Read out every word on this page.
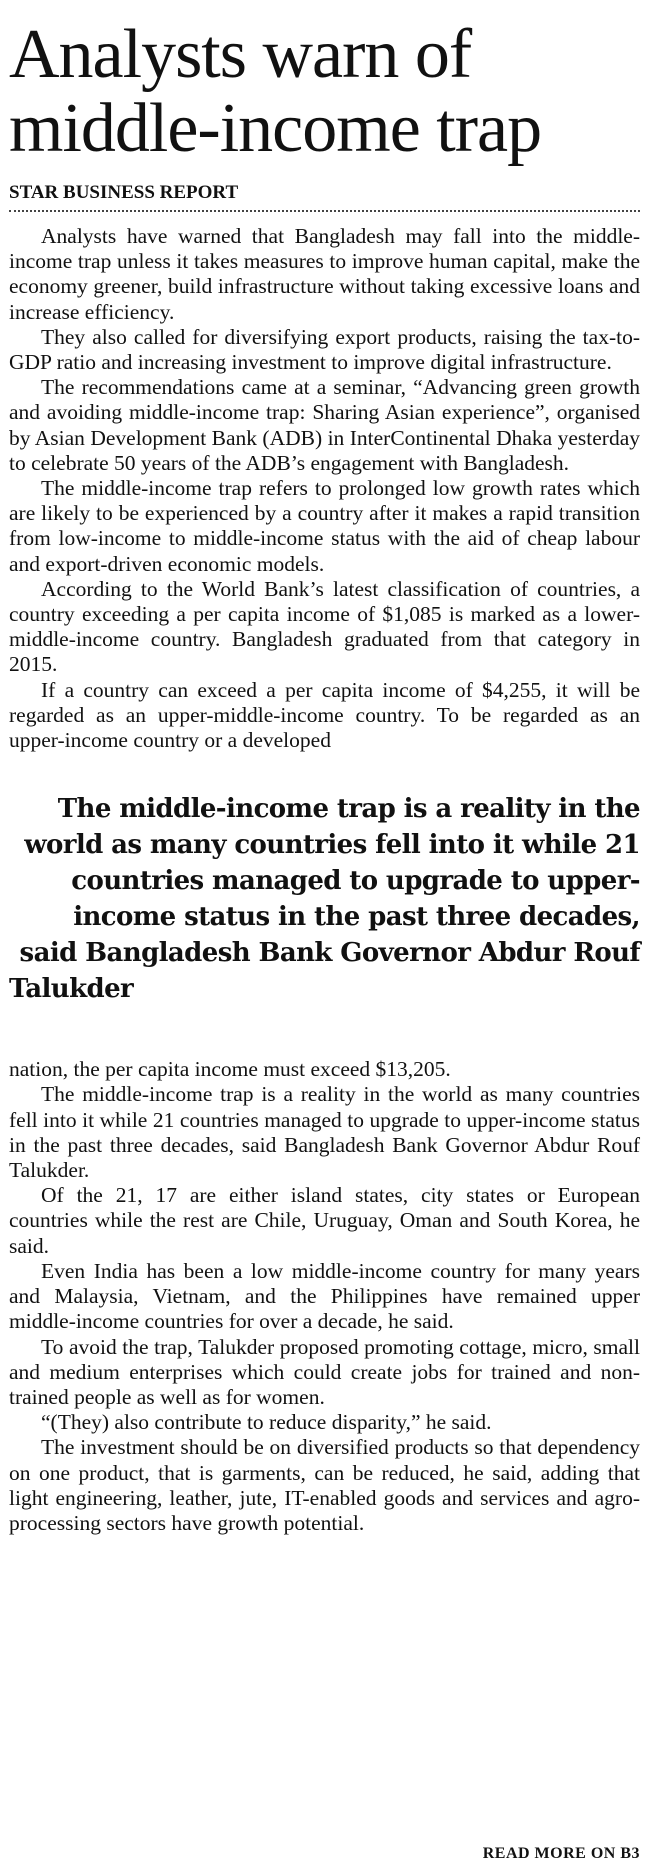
Analysts warn of
middle-income trap
STAR BUSINESS REPORT

Analysts have warned that Bangladesh may fall into the middle-income trap unless it takes measures to improve human capital, make the economy greener, build infrastructure without taking excessive loans and increase efficiency.

They also called for diversifying export products, raising the tax-to-GDP ratio and increasing investment to improve digital infrastructure.

The recommendations came at a seminar, “Advancing green growth and avoiding middle-income trap: Sharing Asian experience”, organised by Asian Development Bank (ADB) in InterContinental Dhaka yesterday to celebrate 50 years of the ADB’s engagement with Bangladesh.

The middle-income trap refers to prolonged low growth rates which are likely to be experienced by a country after it makes a rapid transition from low-income to middle-income status with the aid of cheap labour and export-driven economic models.

According to the World Bank’s latest classification of countries, a country exceeding a per capita income of $1,085 is marked as a lower-middle-income country. Bangladesh graduated from that category in 2015.

If a country can exceed a per capita income of $4,255, it will be regarded as an upper-middle-income country. To be regarded as an upper-income country or a developed

The middle-income trap is a reality in the world as many countries fell into it while 21 countries managed to upgrade to upper-income status in the past three decades, said Bangladesh Bank Governor Abdur Rouf Talukder

nation, the per capita income must exceed $13,205.

The middle-income trap is a reality in the world as many countries fell into it while 21 countries managed to upgrade to upper-income status in the past three decades, said Bangladesh Bank Governor Abdur Rouf Talukder.

Of the 21, 17 are either island states, city states or European countries while the rest are Chile, Uruguay, Oman and South Korea, he said.

Even India has been a low middle-income country for many years and Malaysia, Vietnam, and the Philippines have remained upper middle-income countries for over a decade, he said.

To avoid the trap, Talukder proposed promoting cottage, micro, small and medium enterprises which could create jobs for trained and non-trained people as well as for women.

“(They) also contribute to reduce disparity,” he said.

The investment should be on diversified products so that dependency on one product, that is garments, can be reduced, he said, adding that light engineering, leather, jute, IT-enabled goods and services and agro-processing sectors have growth potential.

READ MORE ON B3
